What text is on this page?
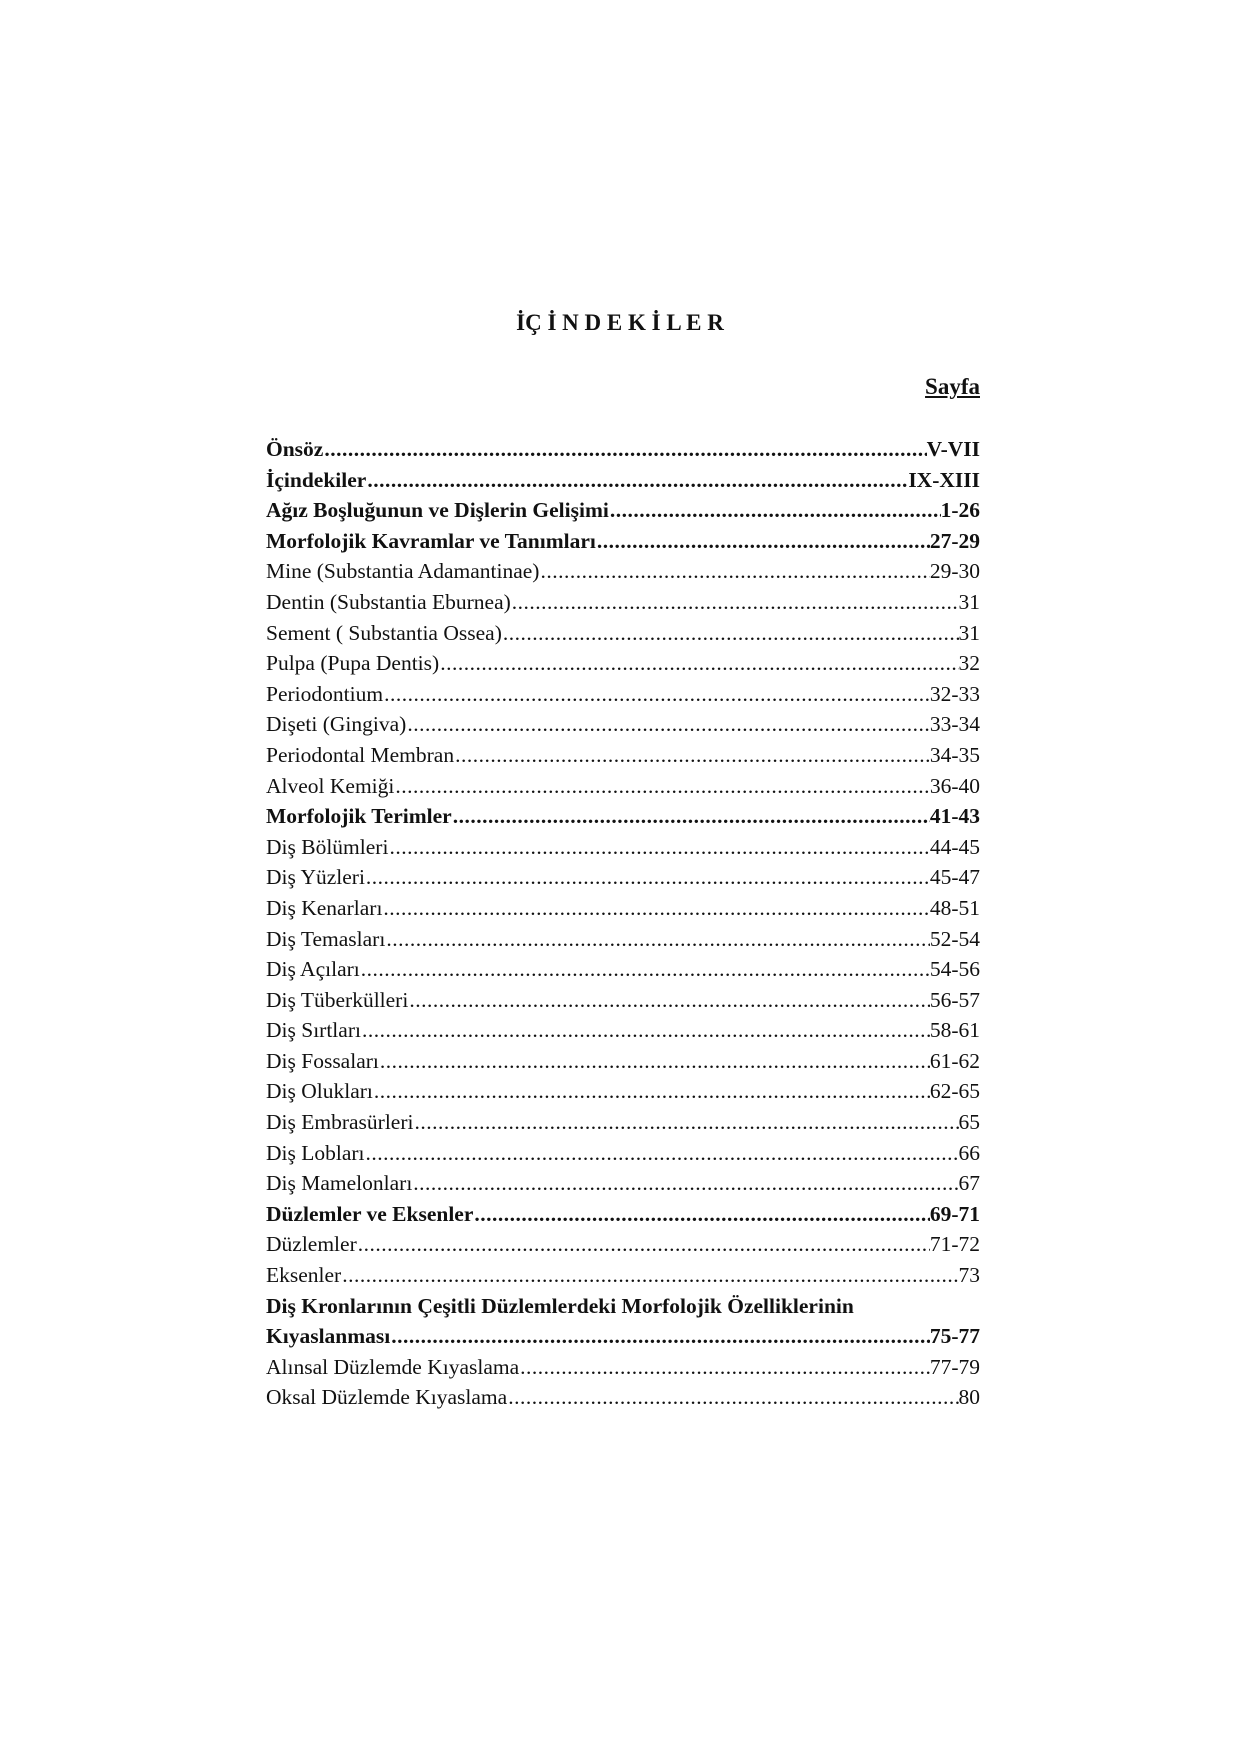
İÇ İ N D E K İ L E R
Sayfa
Önsöz .....	V-VII
İçindekiler .....	IX-XIII
Ağız Boşluğunun ve Dişlerin Gelişimi .....	1-26
Morfolojik Kavramlar ve Tanımları .....	27-29
Mine (Substantia Adamantinae) .....	29-30
Dentin (Substantia Eburnea) .....	31
Sement ( Substantia Ossea) .....	31
Pulpa (Pupa Dentis) .....	32
Periodontium .....	32-33
Dişeti (Gingiva) .....	33-34
Periodontal Membran .....	34-35
Alveol Kemiği .....	36-40
Morfolojik Terimler .....	41-43
Diş Bölümleri .....	44-45
Diş Yüzleri .....	45-47
Diş Kenarları .....	48-51
Diş Temasları .....	52-54
Diş Açıları .....	54-56
Diş Tüberkülleri .....	56-57
Diş Sırtları .....	58-61
Diş Fossaları .....	61-62
Diş Olukları .....	62-65
Diş Embrasürleri .....	65
Diş Lobları .....	66
Diş Mamelonları .....	67
Düzlemler ve Eksenler .....	69-71
Düzlemler .....	71-72
Eksenler .....	73
Diş Kronlarının Çeşitli Düzlemlerdeki Morfolojik Özelliklerinin
Kıyaslanması .....	75-77
Alınsal Düzlemde Kıyaslama .....	77-79
Oksal Düzlemde Kıyaslama .....	80
